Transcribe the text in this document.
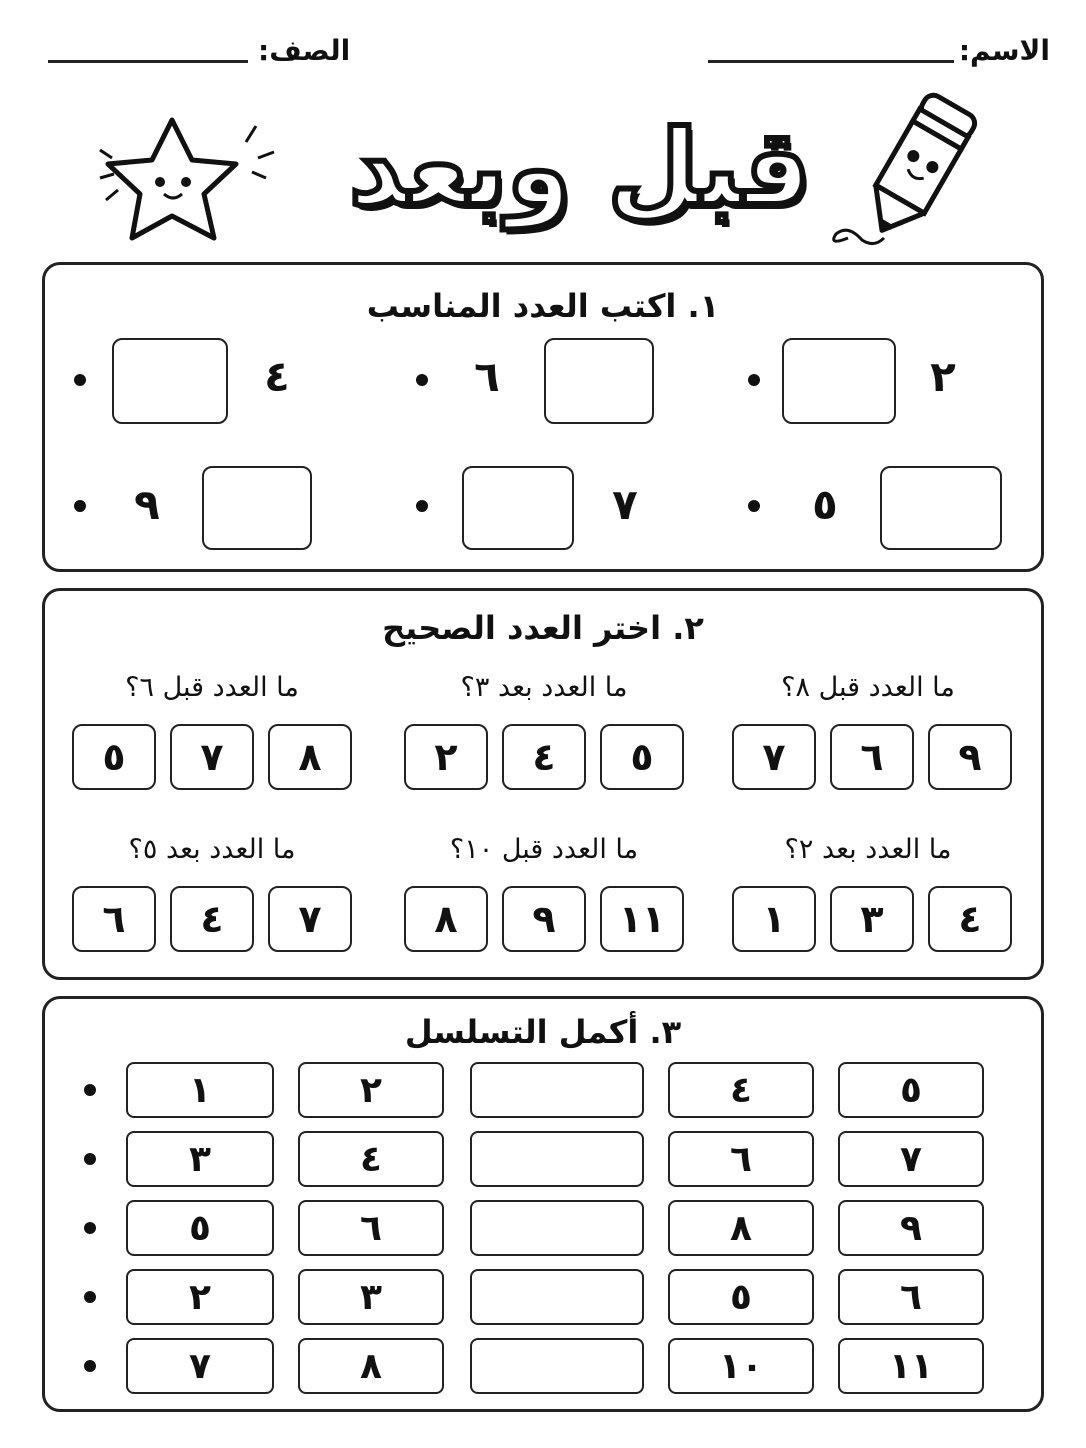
الاسم:
الصف:
قبل وبعد
١. اكتب العدد المناسب
٢
٦
٤
٥
٧
٩
٢. اختر العدد الصحيح
ما العدد قبل ٨؟
٩
٦
٧
ما العدد بعد ٣؟
٥
٤
٢
ما العدد قبل ٦؟
٨
٧
٥
ما العدد بعد ٢؟
٤
٣
١
ما العدد قبل ١٠؟
١١
٩
٨
ما العدد بعد ٥؟
٧
٤
٦
٣. أكمل التسلسل
٥
٤
٢
١
٧
٦
٤
٣
٩
٨
٦
٥
٦
٥
٣
٢
١١
١٠
٨
٧
